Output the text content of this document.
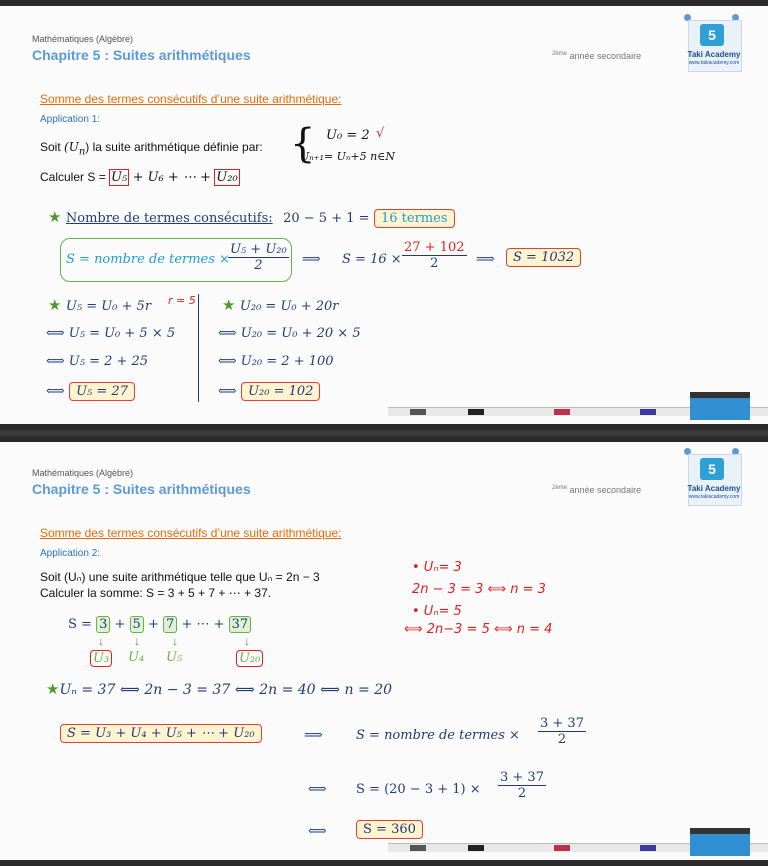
Mathématiques (Algèbre)
Chapitre 5 : Suites arithmétiques	$^{2ème}$ année secondaire
5
Taki Academy
www.takiacademy.com
Somme des termes consécutifs d’une suite arithmétique:
Application 1:
Soit $(U_n)$ la suite arithmétique définie par: { U₀ = 2
Uₙ₊₁= Uₙ+5 n∈N
√
Calculer S = U₅ + U₆ + ⋯ + U₂₀
★ Nombre de termes consécutifs: 20 − 5 + 1 = 16 termes
S = nombre de termes ×
$\frac{\text{U₅ + U₂₀}}{2}$ ⟹ $S = 16 \times \frac{27 + 102}{2}$ ⟹	S = 1032
★ U₅ = U₀ + 5r r = 5
⟺ U₅ = U₀ + 5 × 5
⟺ U₅ = 2 + 25
⟺ U₅ = 27
★ U₂₀ = U₀ + 20r
⟺ U₂₀ = U₀ + 20 × 5
⟺ U₂₀ = 2 + 100
⟺ U₂₀ = 102
Mathématiques (Algèbre)
Chapitre 5 : Suites arithmétiques	$^{2ème}$ année secondaire
5
Taki Academy
www.takiacademy.com
Somme des termes consécutifs d’une suite arithmétique:
Application 2:
Soit (Uₙ) une suite arithmétique telle que Uₙ = 2n − 3
Calculer la somme: S = 3 + 5 + 7 + ⋯ + 37.
• Uₙ= 3
2n − 3 = 3 ⟺ n = 3
• Uₙ= 5
⟺ 2n−3 = 5 ⟺ n = 4
S = 3 + 5 + 7 + ⋯ + 37
↓	↓	↓	↓
U₃ U₄ U₅	U₂₀
★Uₙ = 37 ⟺ 2n − 3 = 37 ⟺ 2n = 40 ⟺ n = 20
S = U₃ + U₄ + U₅ + ⋯ + U₂₀	⟹	S = nombre de termes × $\frac{3 + 37}{2}$
⟺ $S = (20 - 3 + 1) \times \frac{3 + 37}{2}$
⟺	S = 360
